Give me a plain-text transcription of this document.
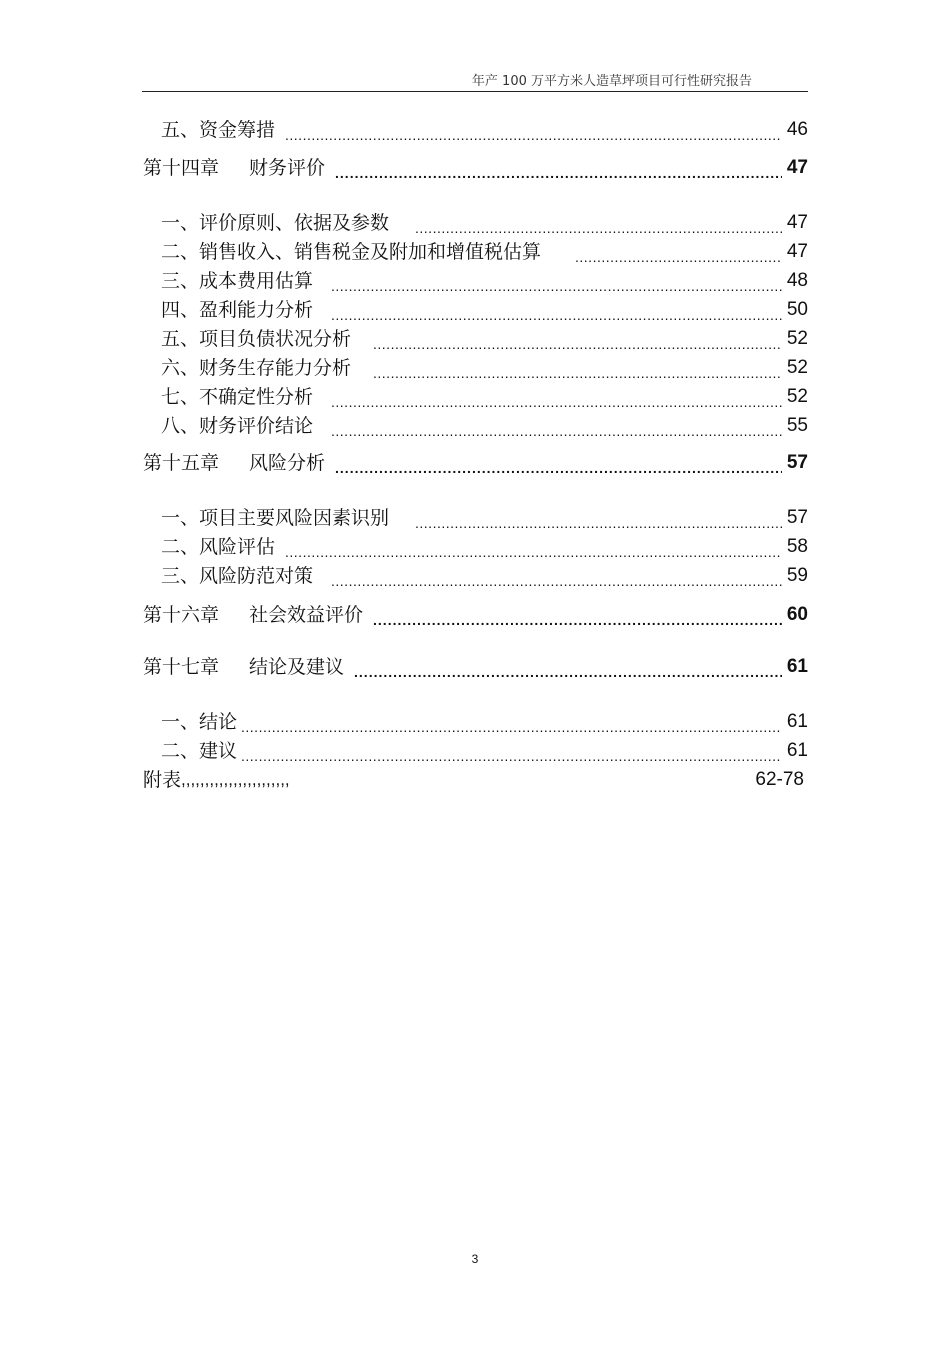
年产 100 万平方米人造草坪项目可行性研究报告
五、资金筹措 .....	46
第十四章 财务评价 .....	47
一、评价原则、依据及参数 .....	47
二、销售收入、销售税金及附加和增值税估算 .....	47
三、成本费用估算 .....	48
四、盈利能力分析 .....	50
五、项目负债状况分析 .....	52
六、财务生存能力分析 .....	52
七、不确定性分析 .....	52
八、财务评价结论 .....	55
第十五章 风险分析 .....	57
一、项目主要风险因素识别 .....	57
二、风险评估 .....	58
三、风险防范对策 .....	59
第十六章 社会效益评价 .....	60
第十七章 结论及建议 .....	61
一、结论 .....	61
二、建议 .....	61
附表 ,,,,,,,,,,,,,,,,,,,,,,,	62-78
3
